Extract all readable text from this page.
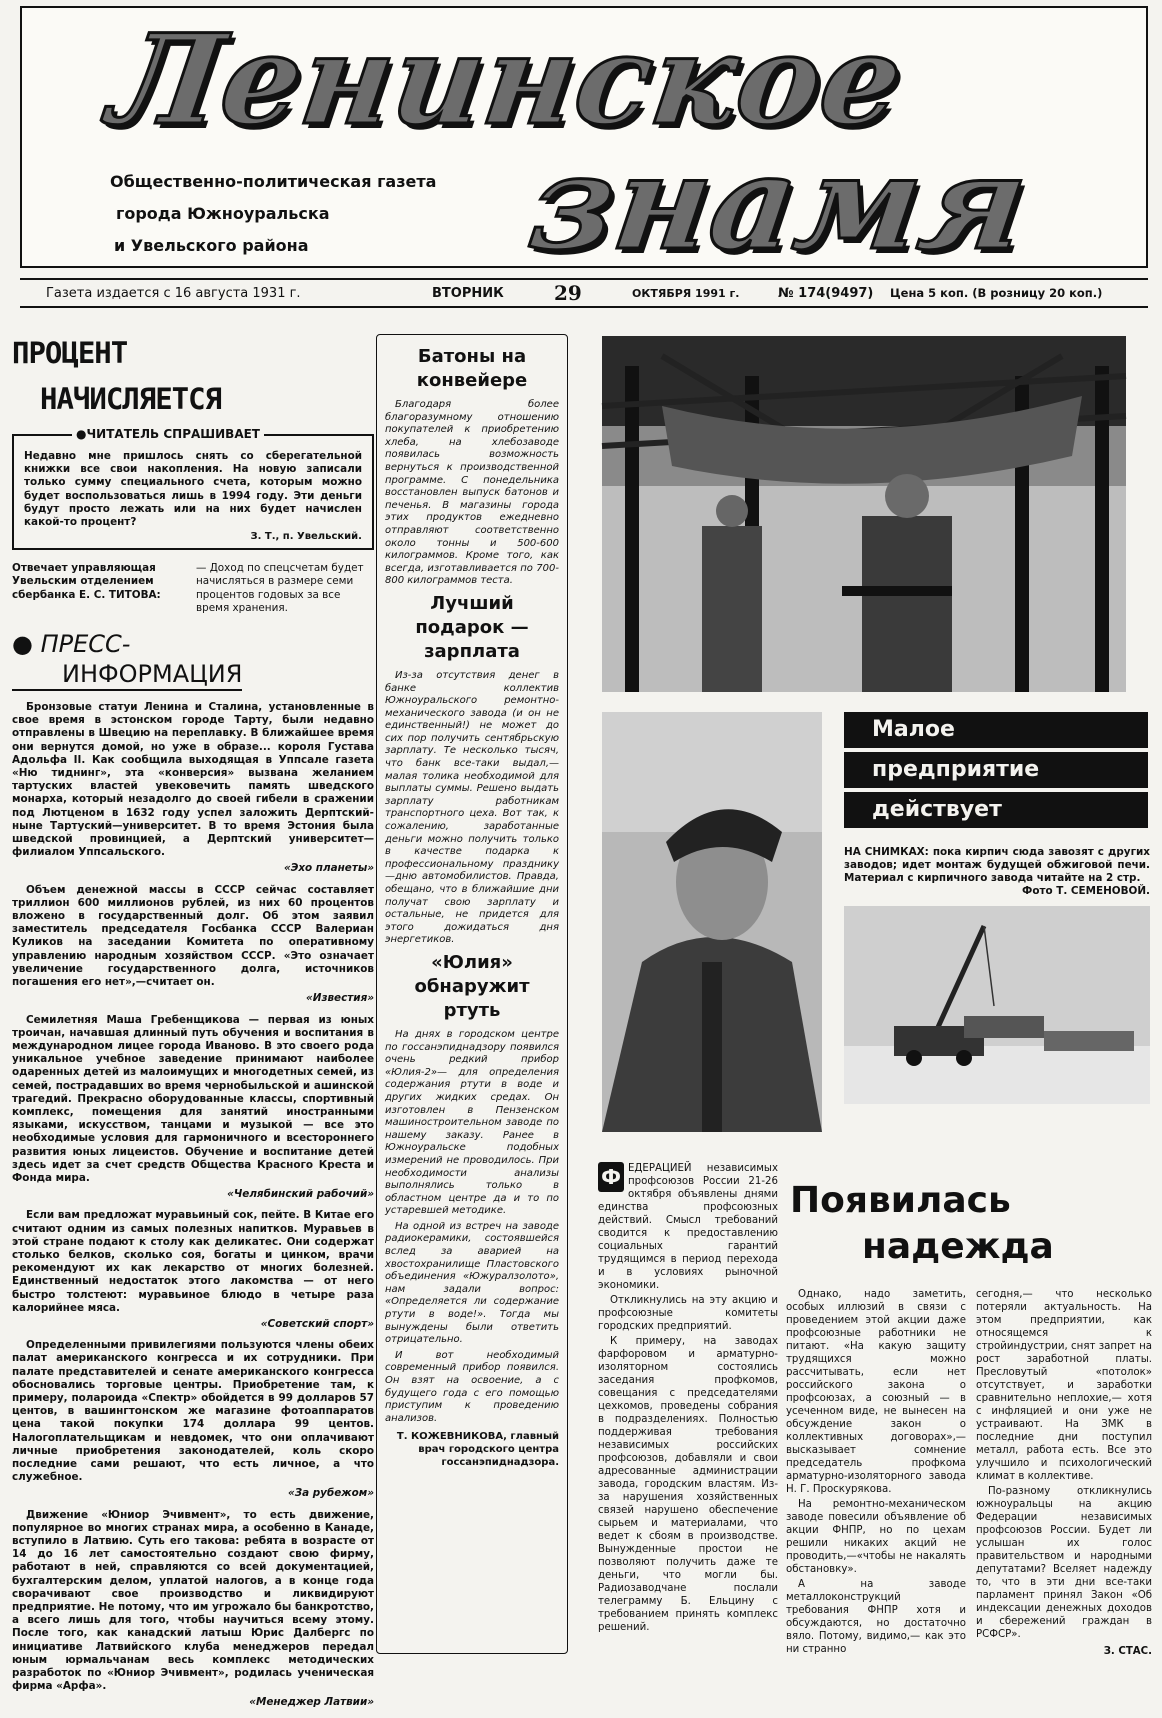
Ленинское
знамя
Общественно-политическая газета
города Южноуральска
и Увельского района
Газета издается с 16 августа 1931 г.	ВТОРНИК	29	ОКТЯБРЯ 1991 г.	№ 174(9497) Цена 5 коп. (В розницу 20 коп.)
ПРОЦЕНТ
НАЧИСЛЯЕТСЯ
●ЧИТАТЕЛЬ СПРАШИВАЕТ
Недавно мне пришлось снять со сберегательной книжки все свои накопления. На новую записали только сумму специального счета, которым можно будет воспользоваться лишь в 1994 году. Эти деньги будут просто лежать или на них будет начислен какой-то процент?
З. Т., п. Увельский.
Отвечает управляющая Увельским отделением сбербанка Е. С. ТИТОВА:
— Доход по спецсчетам будет начисляться в размере семи процентов годовых за все время хранения.
● ПРЕСС-
ИНФОРМАЦИЯ

Бронзовые статуи Ленина и Сталина, установленные в свое время в эстонском городе Тарту, были недавно отправлены в Швецию на переплавку. В ближайшее время они вернутся домой, но уже в образе... короля Густава Адольфа II. Как сообщила выходящая в Уппсале газета «Ню тиднинг», эта «конверсия» вызвана желанием тартуских властей увековечить память шведского монарха, который незадолго до своей гибели в сражении под Лютценом в 1632 году успел заложить Дерптский-ныне Тартуский—университет. В то время Эстония была шведской провинцией, а Дерптский университет—филиалом Уппсальского.

«Эхо планеты»

Объем денежной массы в СССР сейчас составляет триллион 600 миллионов рублей, из них 60 процентов вложено в государственный долг. Об этом заявил заместитель председателя Госбанка СССР Валериан Куликов на заседании Комитета по оперативному управлению народным хозяйством СССР. «Это означает увеличение государственного долга, источников погашения его нет»,—считает он.

«Известия»

Семилетняя Маша Гребенщикова — первая из юных троичан, начавшая длинный путь обучения и воспитания в международном лицее города Иваново. В это своего рода уникальное учебное заведение принимают наиболее одаренных детей из малоимущих и многодетных семей, из семей, пострадавших во время чернобыльской и ашинской трагедий. Прекрасно оборудованные классы, спортивный комплекс, помещения для занятий иностранными языками, искусством, танцами и музыкой — все это необходимые условия для гармоничного и всестороннего развития юных лицеистов. Обучение и воспитание детей здесь идет за счет средств Общества Красного Креста и Фонда мира.

«Челябинский рабочий»

Если вам предложат муравьиный сок, пейте. В Китае его считают одним из самых полезных напитков. Муравьев в этой стране подают к столу как деликатес. Они содержат столько белков, сколько соя, богаты и цинком, врачи рекомендуют их как лекарство от многих болезней. Единственный недостаток этого лакомства — от него быстро толстеют: муравьиное блюдо в четыре раза калорийнее мяса.

«Советский спорт»

Определенными привилегиями пользуются члены обеих палат американского конгресса и их сотрудники. При палате представителей и сенате американского конгресса обосновались торговые центры. Приобретение там, к примеру, полароида «Спектр» обойдется в 99 долларов 57 центов, в вашингтонском же магазине фотоаппаратов цена такой покупки 174 доллара 99 центов. Налогоплательщикам и невдомек, что они оплачивают личные приобретения законодателей, коль скоро последние сами решают, что есть личное, а что служебное.

«За рубежом»

Движение «Юниор Эчивмент», то есть движение, популярное во многих странах мира, а особенно в Канаде, вступило в Латвию. Суть его такова: ребята в возрасте от 14 до 16 лет самостоятельно создают свою фирму, работают в ней, справляются со всей документацией, бухгалтерским делом, уплатой налогов, а в конце года сворачивают свое производство и ликвидируют предприятие. Не потому, что им угрожало бы банкротство, а всего лишь для того, чтобы научиться всему этому. После того, как канадский латыш Юрис Далбергс по инициативе Латвийского клуба менеджеров передал юным юрмальчанам весь комплекс методических разработок по «Юниор Эчивмент», родилась ученическая фирма «Арфа».

«Менеджер Латвии»
Батоны на конвейере

Благодаря более благоразумному отношению покупателей к приобретению хлеба, на хлебозаводе появилась возможность вернуться к производственной программе. С понедельника восстановлен выпуск батонов и печенья. В магазины города этих продуктов ежедневно отправляют соответственно около тонны и 500-600 килограммов. Кроме того, как всегда, изготавливается по 700-800 килограммов теста.

Лучший подарок — зарплата

Из-за отсутствия денег в банке коллектив Южноуральского ремонтно-механического завода (и он не единственный!) не может до сих пор получить сентябрьскую зарплату. Те несколько тысяч, что банк все-таки выдал,—малая толика необходимой для выплаты суммы. Решено выдать зарплату работникам транспортного цеха. Вот так, к сожалению, заработанные деньги можно получить только в качестве подарка к профессиональному празднику—дню автомобилистов. Правда, обещано, что в ближайшие дни получат свою зарплату и остальные, не придется для этого дожидаться дня энергетиков.

«Юлия» обнаружит ртуть

На днях в городском центре по госсанэпиднадзору появился очень редкий прибор «Юлия-2»— для определения содержания ртути в воде и других жидких средах. Он изготовлен в Пензенском машиностроительном заводе по нашему заказу. Ранее в Южноуральске подобных измерений не проводилось. При необходимости анализы выполнялись только в областном центре да и то по устаревшей методике.

На одной из встреч на заводе радиокерамики, состоявшейся вслед за аварией на хвостохранилище Пластовского объединения «Южуралзолото», нам задали вопрос: «Определяется ли содержание ртути в воде!». Тогда мы вынуждены были ответить отрицательно.

И вот необходимый современный прибор появился. Он взят на освоение, а с будущего года с его помощью приступим к проведению анализов.

Т. КОЖЕВНИКОВА, главный врач городского центра госсанэпиднадзора.
Малое
предприятие
действует
НА СНИМКАХ: пока кирпич сюда завозят с других заводов; идет монтаж будущей обжиговой печи. Материал с кирпичного завода читайте на 2 стр.
Фото Т. СЕМЕНОВОЙ.
Появилась
надежда
Ф ЕДЕРАЦИЕЙ независимых профсоюзов России 21-26 октября объявлены днями единства профсоюзных действий. Смысл требований сводится к предоставлению социальных гарантий трудящимся в период перехода и в условиях рыночной экономики.

Откликнулись на эту акцию и профсоюзные комитеты городских предприятий.

К примеру, на заводах фарфоровом и арматурно-изоляторном состоялись заседания профкомов, совещания с председателями цехкомов, проведены собрания в подразделениях. Полностью поддерживая требования независимых российских профсоюзов, добавляли и свои адресованные администрации завода, городским властям. Из-за нарушения хозяйственных связей нарушено обеспечение сырьем и материалами, что ведет к сбоям в производстве. Вынужденные простои не позволяют получить даже те деньги, что могли бы. Радиозаводчане послали телеграмму Б. Ельцину с требованием принять комплекс решений.

Однако, надо заметить, особых иллюзий в связи с проведением этой акции даже профсоюзные работники не питают. «На какую защиту трудящихся можно рассчитывать, если нет российского закона о профсоюзах, а союзный — в усеченном виде, не вынесен на обсуждение закон о коллективных договорах»,— высказывает сомнение председатель профкома арматурно-изоляторного завода Н. Г. Проскурякова.

На ремонтно-механическом заводе повесили объявление об акции ФНПР, но по цехам решили никаких акций не проводить,—«чтобы не накалять обстановку».

А на заводе металлоконструкций требования ФНПР хотя и обсуждаются, но достаточно вяло. Потому, видимо,— как это ни странно

сегодня,— что несколько потеряли актуальность. На этом предприятии, как относящемся к стройиндустрии, снят запрет на рост заработной платы. Пресловутый «потолок» отсутствует, и заработки сравнительно неплохие,— хотя с инфляцией и они уже не устраивают. На ЗМК в последние дни поступил металл, работа есть. Все это улучшило и психологический климат в коллективе.

По-разному откликнулись южноуральцы на акцию Федерации независимых профсоюзов России. Будет ли услышан их голос правительством и народными депутатами? Вселяет надежду то, что в эти дни все-таки парламент принял Закон «Об индексации денежных доходов и сбережений граждан в РСФСР».

З. СТАС.
